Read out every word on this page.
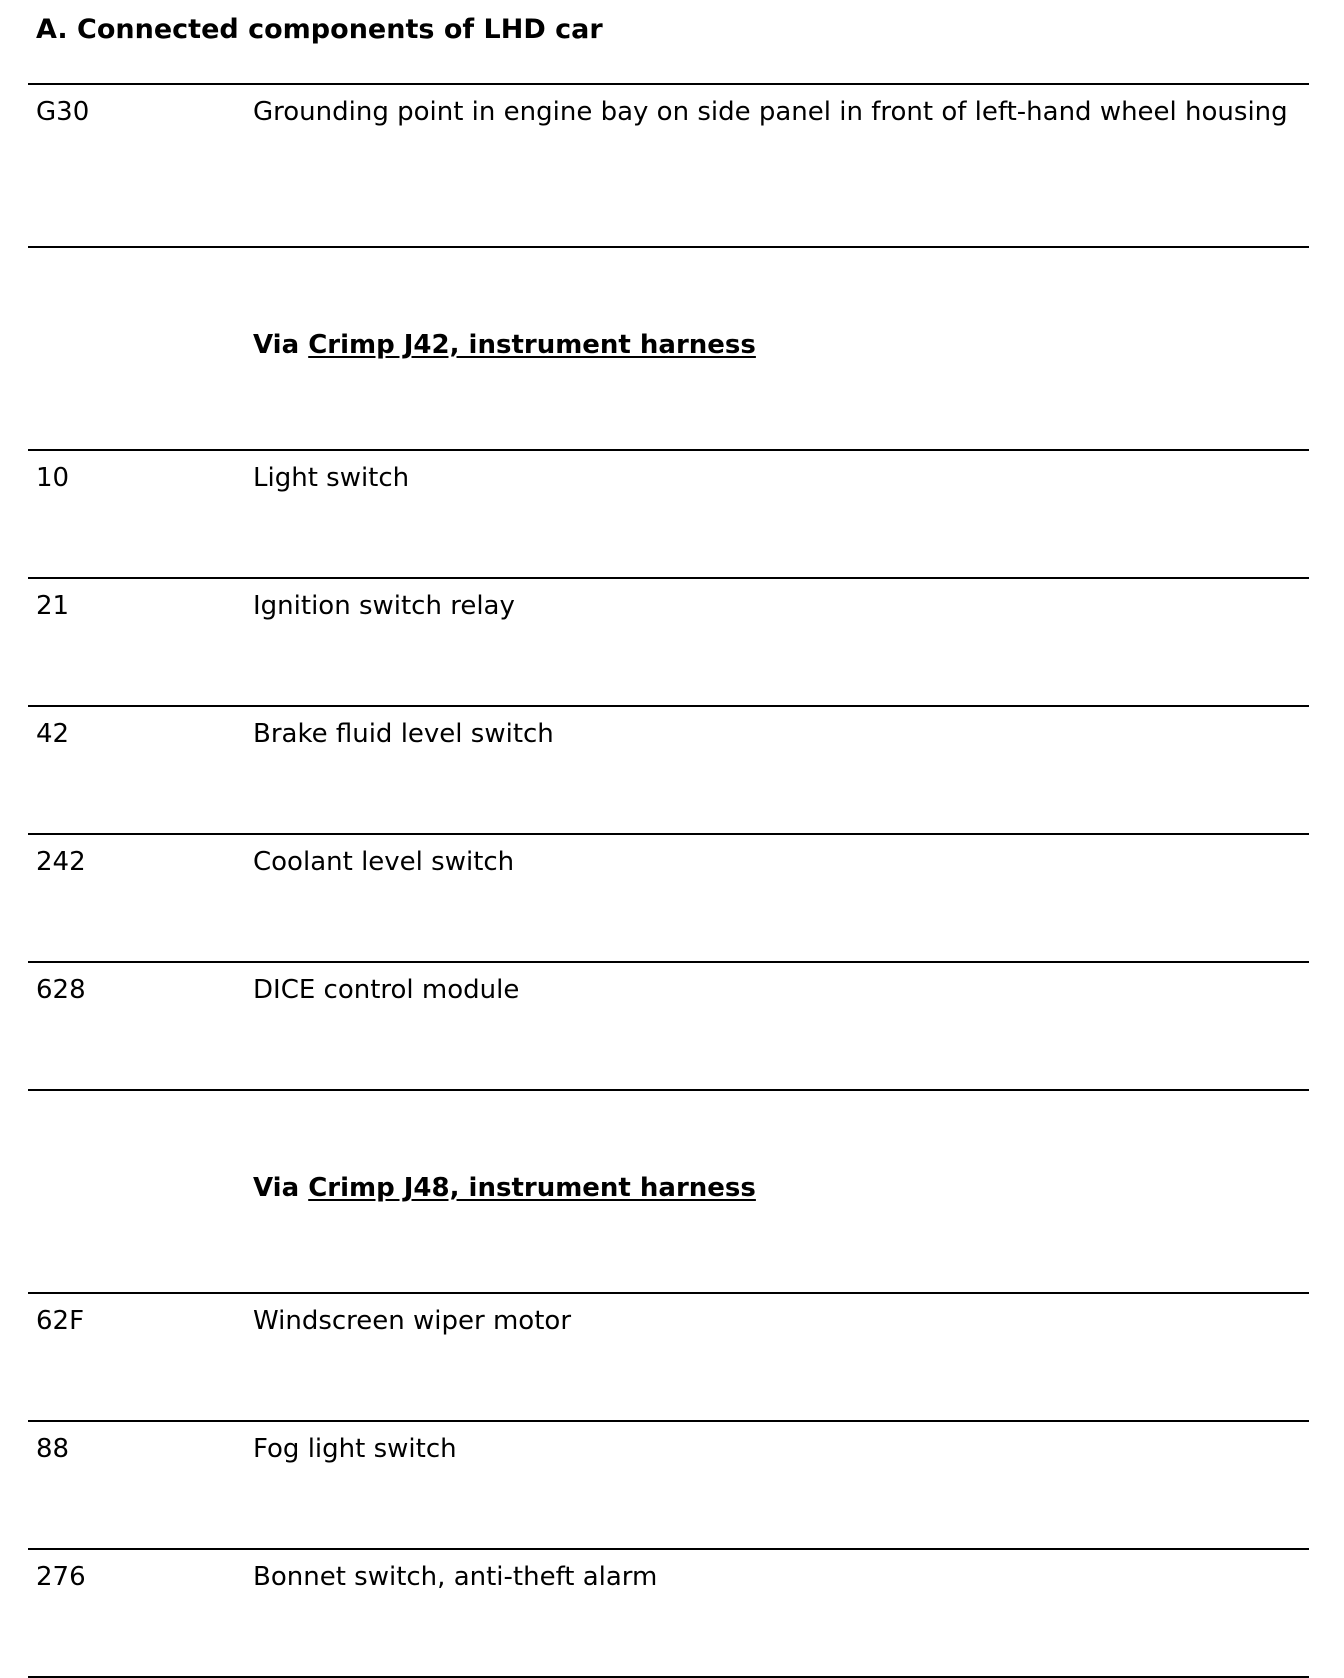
A. Connected components of LHD car
G30	Grounding point in engine bay on side panel in front of left-hand wheel housing
Via Crimp J42, instrument harness
10	Light switch
21	Ignition switch relay
42	Brake fluid level switch
242	Coolant level switch
628	DICE control module
Via Crimp J48, instrument harness
62F	Windscreen wiper motor
88	Fog light switch
276	Bonnet switch, anti-theft alarm
